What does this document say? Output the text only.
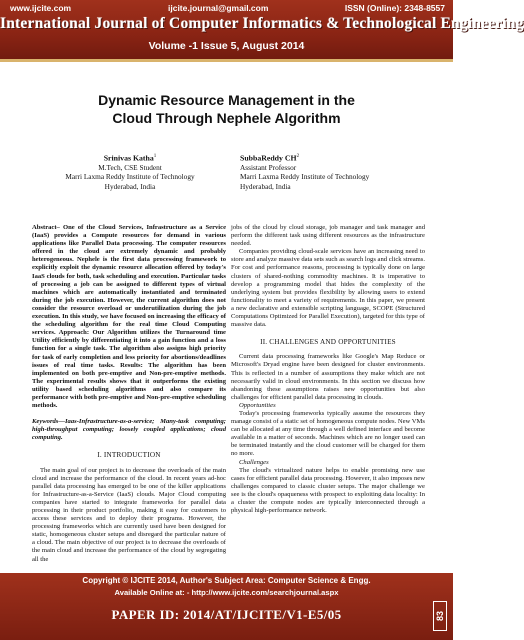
www.ijcite.com	ijcite.journal@gmail.com	ISSN (Online): 2348-8557
International Journal of Computer Informatics & Technological Engineering
Volume -1 Issue 5, August 2014
Dynamic Resource Management in the
Cloud Through Nephele Algorithm
Srinivas Katha$^1$
M.Tech, CSE Student
Marri Laxma Reddy Institute of Technology
Hyderabad, India
SubbaReddy $CH^2$
Assistant Professor
Marri Laxma Reddy Institute of Technology
Hyderabad, India

Abstract– One of the Cloud Services, Infrastructure as a Service (IaaS) provides a Compute resources for demand in various applications like Parallel Data processing. The computer resources offered in the cloud are extremely dynamic and probably heterogeneous. Nephele is the first data processing framework to explicitly exploit the dynamic resource allocation offered by today's IaaS clouds for both, task scheduling and execution. Particular tasks of processing a job can be assigned to different types of virtual machines which are automatically instantiated and terminated during the job execution. However, the current algorithm does not consider the resource overload or underutilization during the job execution. In this study, we have focused on increasing the efficacy of the scheduling algorithm for the real time Cloud Computing services. Approach: Our Algorithm utilizes the Turnaround time Utility efficiently by differentiating it into a gain function and a loss function for a single task. The algorithm also assigns high priority for task of early completion and less priority for abortions/deadlines issues of real time tasks. Results: The algorithm has been implemented on both pre-emptive and Non-pre-emptive methods. The experimental results shows that it outperforms the existing utility based scheduling algorithms and also compare its performance with both pre-emptive and Non-pre-emptive scheduling methods.

Keywords—Iaas-Infrastructure-as-a-service; Many-task computing; high-throughput computing; loosely coupled applications; cloud computing.

I. INTRODUCTION

The main goal of our project is to decrease the overloads of the main cloud and increase the performance of the cloud. In recent years ad-hoc parallel data processing has emerged to be one of the killer applications for Infrastructure-as-a-Service (IaaS) clouds. Major Cloud computing companies have started to integrate frameworks for parallel data processing in their product portfolio, making it easy for customers to access these services and to deploy their programs. However, the processing frameworks which are currently used have been designed for static, homogeneous cluster setups and disregard the particular nature of a cloud. The main objective of our project is to decrease the overloads of the main cloud and increase the performance of the cloud by segregating all the

jobs of the cloud by cloud storage, job manager and task manager and perform the different task using different resources as the infrastructure needed.

Companies providing cloud-scale services have an increasing need to store and analyze massive data sets such as search logs and click streams. For cost and performance reasons, processing is typically done on large clusters of shared-nothing commodity machines. It is imperative to develop a programming model that hides the complexity of the underlying system but provides flexibility by allowing users to extend functionality to meet a variety of requirements. In this paper, we present a new declarative and extensible scripting language, SCOPE (Structured Computations Optimized for Parallel Execution), targeted for this type of massive data.

II. CHALLENGES AND OPPORTUNITIES

Current data processing frameworks like Google's Map Reduce or Microsoft's Dryad engine have been designed for cluster environments. This is reflected in a number of assumptions they make which are not necessarily valid in cloud environments. In this section we discuss how abandoning these assumptions raises new opportunities but also challenges for efficient parallel data processing in clouds.

Opportunities

Today's processing frameworks typically assume the resources they manage consist of a static set of homogeneous compute nodes. New VMs can be allocated at any time through a well defined interface and become available in a matter of seconds. Machines which are no longer used can be terminated instantly and the cloud customer will be charged for them no more.

Challenges

The cloud's virtualized nature helps to enable promising new use cases for efficient parallel data processing. However, it also imposes new challenges compared to classic cluster setups. The major challenge we see is the cloud's opaqueness with prospect to exploiting data locality: In a cluster the compute nodes are typically interconnected through a physical high-performance network.

Copyright © IJCITE 2014, Author's Subject Area: Computer Science & Engg.
Available Online at: - http://www.ijcite.com/searchjournal.aspx
PAPER ID: 2014/AT/IJCITE/V1-E5/05	83
